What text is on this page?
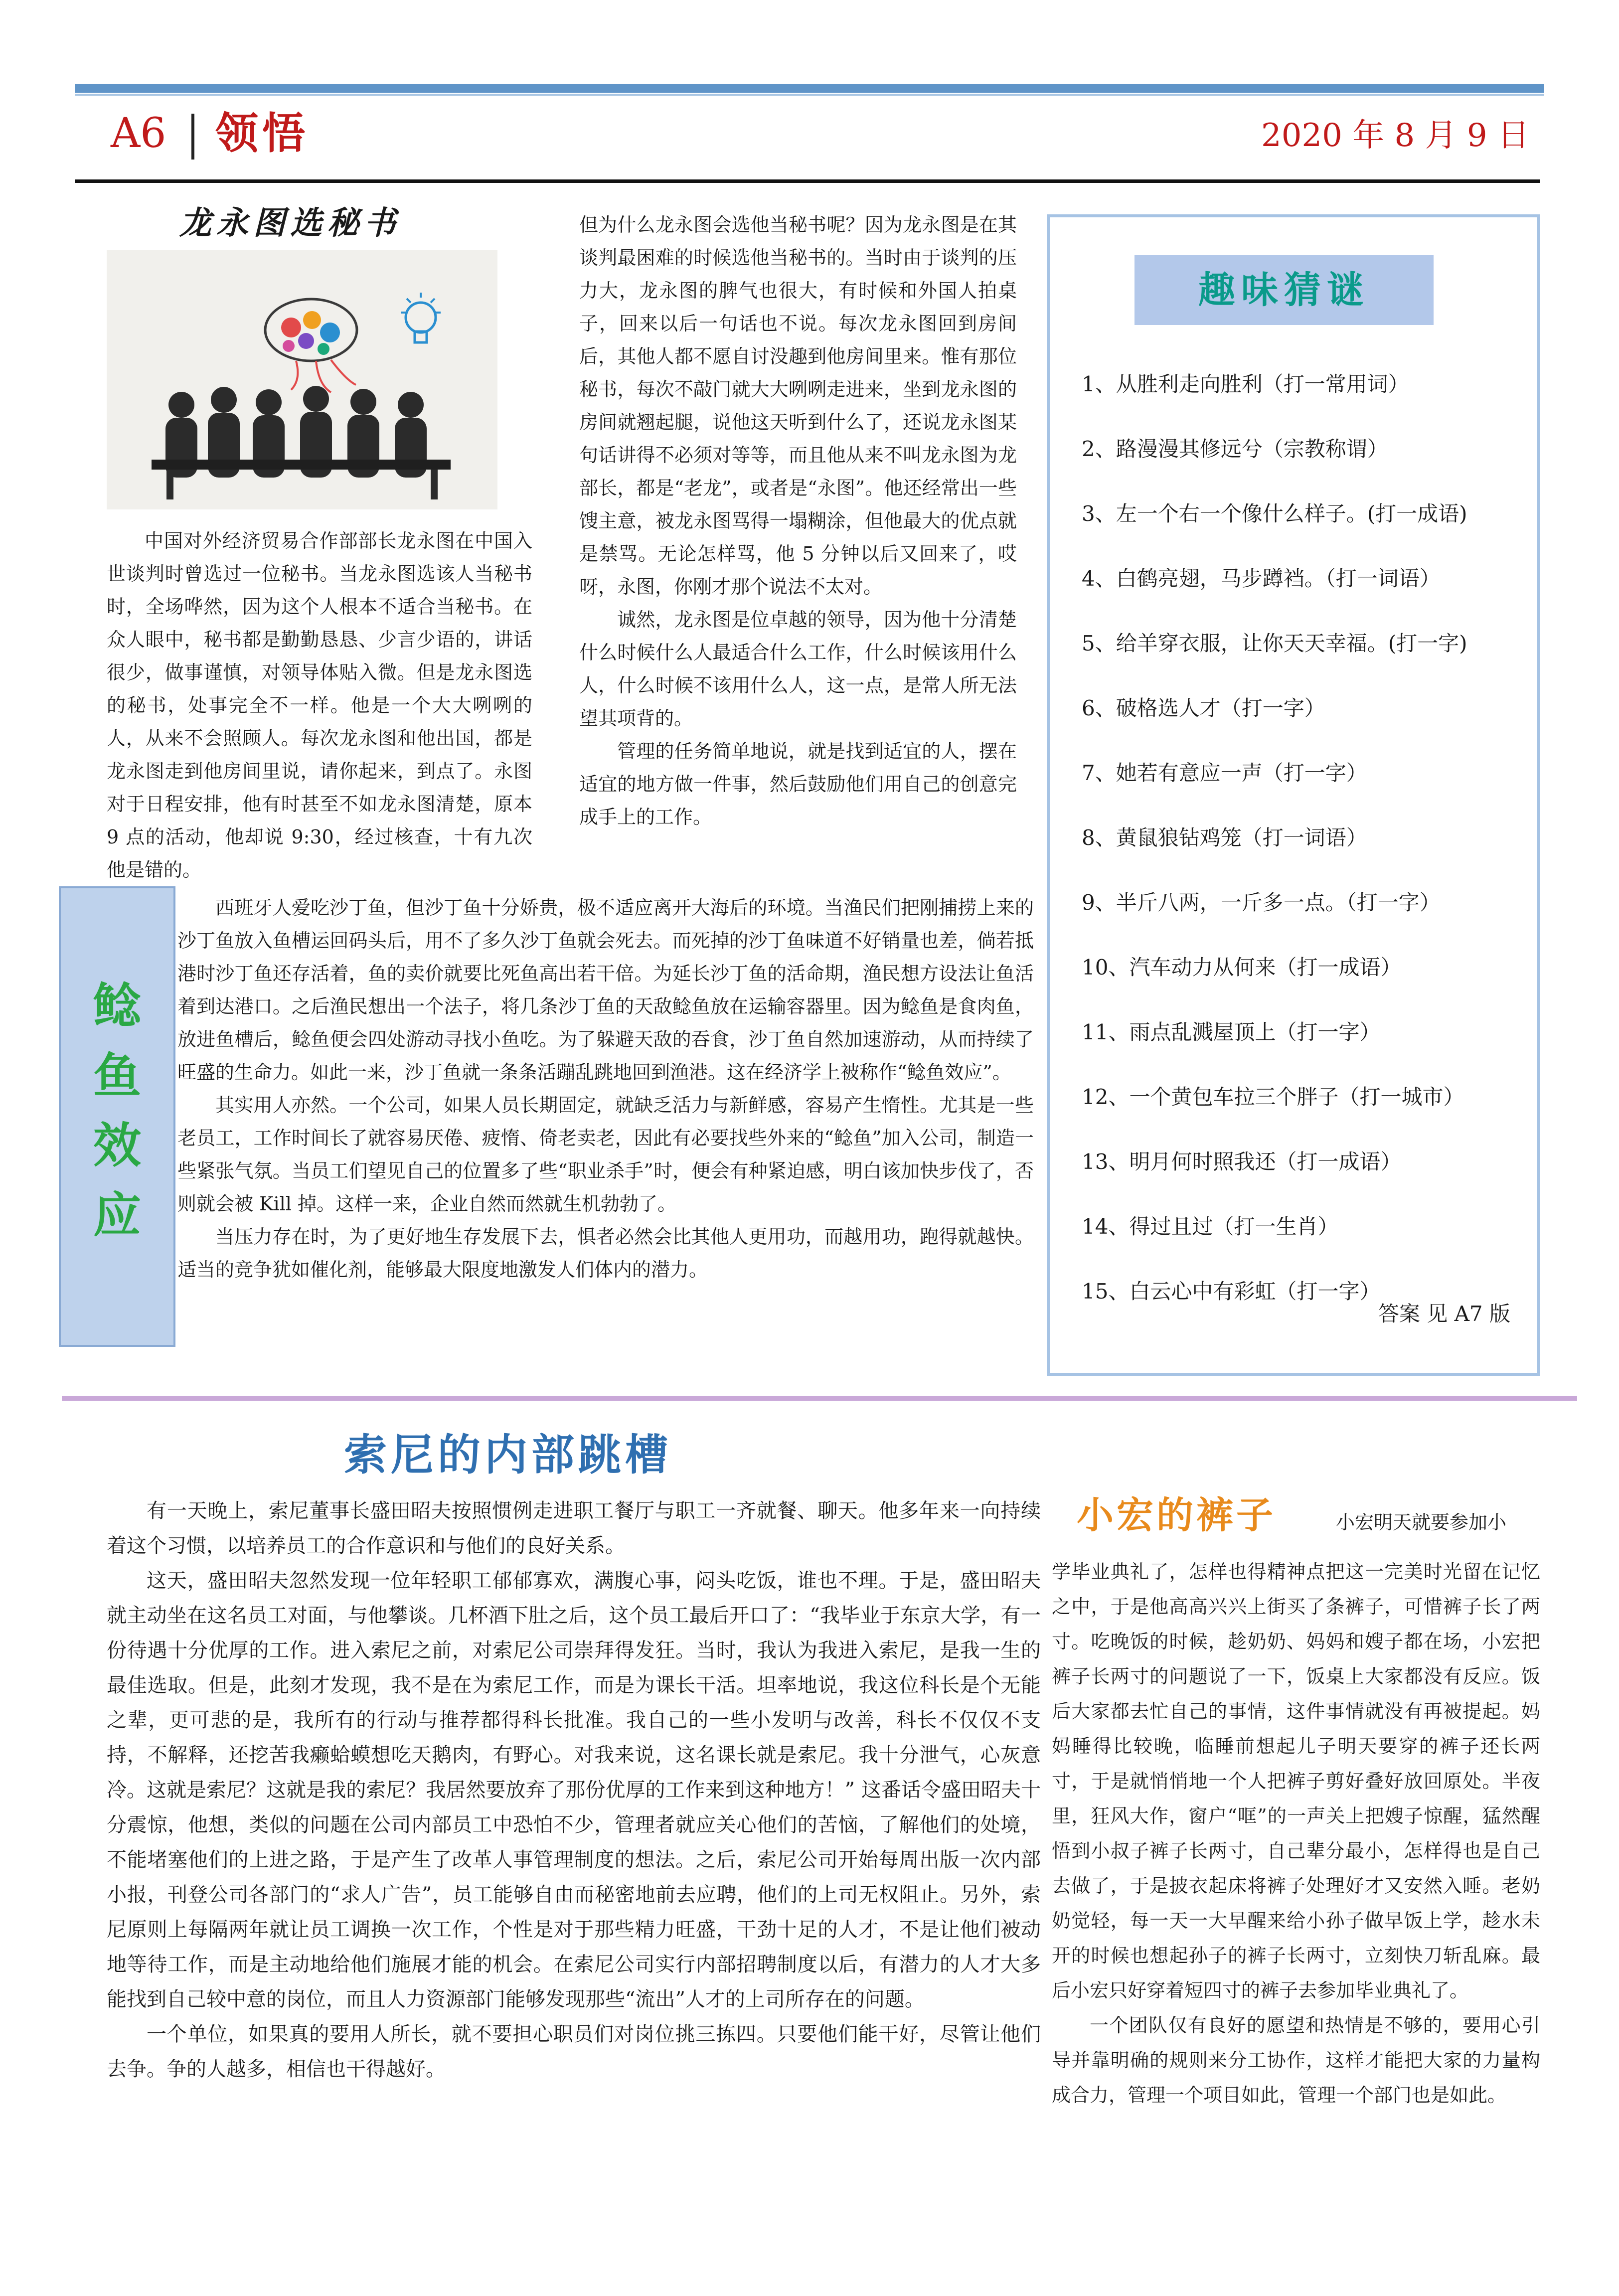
A6 领悟	2020 年 8 月 9 日
龙永图选秘书

中国对外经济贸易合作部部长龙永图在中国入世谈判时曾选过一位秘书。当龙永图选该人当秘书时，全场哗然，因为这个人根本不适合当秘书。在众人眼中，秘书都是勤勤恳恳、少言少语的，讲话很少，做事谨慎，对领导体贴入微。但是龙永图选的秘书，处事完全不一样。他是一个大大咧咧的人，从来不会照顾人。每次龙永图和他出国，都是龙永图走到他房间里说，请你起来，到点了。永图对于日程安排，他有时甚至不如龙永图清楚，原本 9 点的活动，他却说 9:30，经过核查，十有九次他是错的。

但为什么龙永图会选他当秘书呢？因为龙永图是在其谈判最困难的时候选他当秘书的。当时由于谈判的压力大，龙永图的脾气也很大，有时候和外国人拍桌子，回来以后一句话也不说。每次龙永图回到房间后，其他人都不愿自讨没趣到他房间里来。惟有那位秘书，每次不敲门就大大咧咧走进来，坐到龙永图的房间就翘起腿，说他这天听到什么了，还说龙永图某句话讲得不必须对等等，而且他从来不叫龙永图为龙部长，都是“老龙”，或者是“永图”。他还经常出一些馊主意，被龙永图骂得一塌糊涂，但他最大的优点就是禁骂。无论怎样骂，他 5 分钟以后又回来了，哎呀，永图，你刚才那个说法不太对。

诚然，龙永图是位卓越的领导，因为他十分清楚什么时候什么人最适合什么工作，什么时候该用什么人，什么时候不该用什么人，这一点，是常人所无法望其项背的。

管理的任务简单地说，就是找到适宜的人，摆在适宜的地方做一件事，然后鼓励他们用自己的创意完成手上的工作。

趣味猜谜
1、从胜利走向胜利（打一常用词）
2、路漫漫其修远兮（宗教称谓）
3、左一个右一个像什么样子。(打一成语)
4、白鹤亮翅，马步蹲裆。（打一词语）
5、给羊穿衣服，让你天天幸福。(打一字)
6、破格选人才（打一字）
7、她若有意应一声（打一字）
8、黄鼠狼钻鸡笼（打一词语）
9、半斤八两，一斤多一点。（打一字）
10、汽车动力从何来（打一成语）
11、雨点乱溅屋顶上（打一字）
12、一个黄包车拉三个胖子（打一城市）
13、明月何时照我还（打一成语）
14、得过且过（打一生肖）
15、白云心中有彩虹（打一字）
答案 见 A7 版
鲶
鱼
效
应

西班牙人爱吃沙丁鱼，但沙丁鱼十分娇贵，极不适应离开大海后的环境。当渔民们把刚捕捞上来的沙丁鱼放入鱼槽运回码头后，用不了多久沙丁鱼就会死去。而死掉的沙丁鱼味道不好销量也差，倘若抵港时沙丁鱼还存活着，鱼的卖价就要比死鱼高出若干倍。为延长沙丁鱼的活命期，渔民想方设法让鱼活着到达港口。之后渔民想出一个法子，将几条沙丁鱼的天敌鲶鱼放在运输容器里。因为鲶鱼是食肉鱼，放进鱼槽后，鲶鱼便会四处游动寻找小鱼吃。为了躲避天敌的吞食，沙丁鱼自然加速游动，从而持续了旺盛的生命力。如此一来，沙丁鱼就一条条活蹦乱跳地回到渔港。这在经济学上被称作“鲶鱼效应”。

其实用人亦然。一个公司，如果人员长期固定，就缺乏活力与新鲜感，容易产生惰性。尤其是一些老员工，工作时间长了就容易厌倦、疲惰、倚老卖老，因此有必要找些外来的“鲶鱼”加入公司，制造一些紧张气氛。当员工们望见自己的位置多了些“职业杀手”时，便会有种紧迫感，明白该加快步伐了，否则就会被 Kill 掉。这样一来，企业自然而然就生机勃勃了。

当压力存在时，为了更好地生存发展下去，惧者必然会比其他人更用功，而越用功，跑得就越快。适当的竞争犹如催化剂，能够最大限度地激发人们体内的潜力。

索尼的内部跳槽

有一天晚上，索尼董事长盛田昭夫按照惯例走进职工餐厅与职工一齐就餐、聊天。他多年来一向持续着这个习惯，以培养员工的合作意识和与他们的良好关系。

这天，盛田昭夫忽然发现一位年轻职工郁郁寡欢，满腹心事，闷头吃饭，谁也不理。于是，盛田昭夫就主动坐在这名员工对面，与他攀谈。几杯酒下肚之后，这个员工最后开口了：“我毕业于东京大学，有一份待遇十分优厚的工作。进入索尼之前，对索尼公司崇拜得发狂。当时，我认为我进入索尼，是我一生的最佳选取。但是，此刻才发现，我不是在为索尼工作，而是为课长干活。坦率地说，我这位科长是个无能之辈，更可悲的是，我所有的行动与推荐都得科长批准。我自己的一些小发明与改善，科长不仅仅不支持，不解释，还挖苦我癞蛤蟆想吃天鹅肉，有野心。对我来说，这名课长就是索尼。我十分泄气，心灰意冷。这就是索尼？这就是我的索尼？我居然要放弃了那份优厚的工作来到这种地方！” 这番话令盛田昭夫十分震惊，他想，类似的问题在公司内部员工中恐怕不少，管理者就应关心他们的苦恼，了解他们的处境，不能堵塞他们的上进之路，于是产生了改革人事管理制度的想法。之后，索尼公司开始每周出版一次内部小报，刊登公司各部门的“求人广告”，员工能够自由而秘密地前去应聘，他们的上司无权阻止。另外，索尼原则上每隔两年就让员工调换一次工作，个性是对于那些精力旺盛，干劲十足的人才，不是让他们被动地等待工作，而是主动地给他们施展才能的机会。在索尼公司实行内部招聘制度以后，有潜力的人才大多能找到自己较中意的岗位，而且人力资源部门能够发现那些“流出”人才的上司所存在的问题。

一个单位，如果真的要用人所长，就不要担心职员们对岗位挑三拣四。只要他们能干好，尽管让他们去争。争的人越多，相信也干得越好。

小宏的裤子	小宏明天就要参加小

学毕业典礼了，怎样也得精神点把这一完美时光留在记忆之中，于是他高高兴兴上街买了条裤子，可惜裤子长了两寸。吃晚饭的时候，趁奶奶、妈妈和嫂子都在场，小宏把裤子长两寸的问题说了一下，饭桌上大家都没有反应。饭后大家都去忙自己的事情，这件事情就没有再被提起。妈妈睡得比较晚，临睡前想起儿子明天要穿的裤子还长两寸，于是就悄悄地一个人把裤子剪好叠好放回原处。半夜里，狂风大作，窗户“哐”的一声关上把嫂子惊醒，猛然醒悟到小叔子裤子长两寸，自己辈分最小，怎样得也是自己去做了，于是披衣起床将裤子处理好才又安然入睡。老奶奶觉轻，每一天一大早醒来给小孙子做早饭上学，趁水未开的时候也想起孙子的裤子长两寸，立刻快刀斩乱麻。最后小宏只好穿着短四寸的裤子去参加毕业典礼了。

一个团队仅有良好的愿望和热情是不够的，要用心引导并靠明确的规则来分工协作，这样才能把大家的力量构成合力，管理一个项目如此，管理一个部门也是如此。
